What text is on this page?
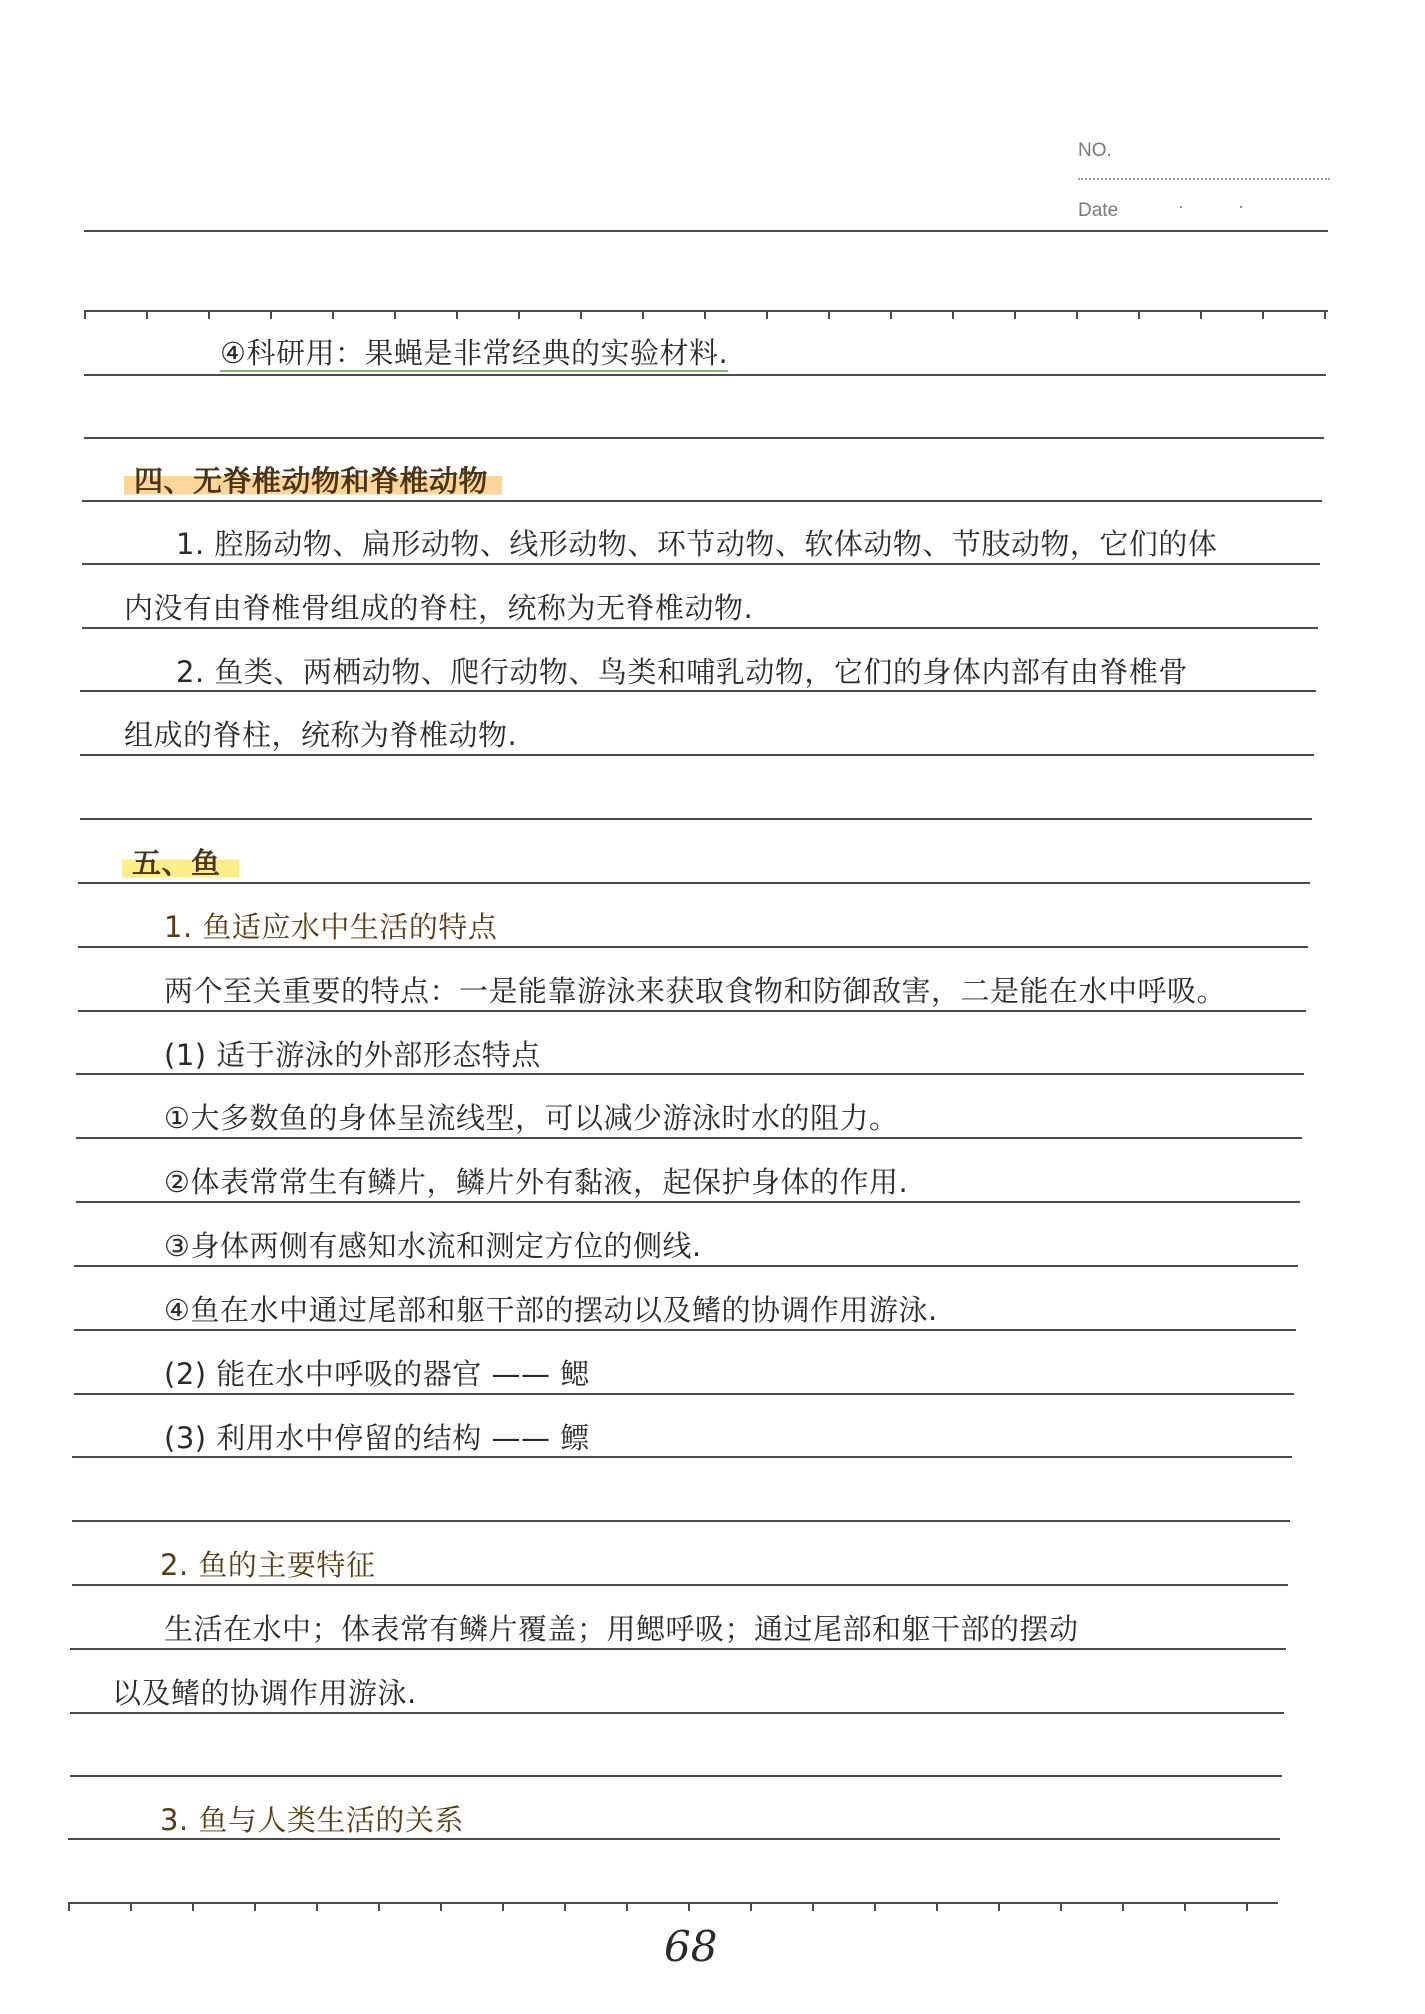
NO.
Date	·	·
④科研用：果蝇是非常经典的实验材料.
四、无脊椎动物和脊椎动物
1. 腔肠动物、扁形动物、线形动物、环节动物、软体动物、节肢动物，它们的体
内没有由脊椎骨组成的脊柱，统称为无脊椎动物.
2. 鱼类、两栖动物、爬行动物、鸟类和哺乳动物，它们的身体内部有由脊椎骨
组成的脊柱，统称为脊椎动物.
五、鱼
1. 鱼适应水中生活的特点
两个至关重要的特点：一是能靠游泳来获取食物和防御敌害，二是能在水中呼吸。
(1) 适于游泳的外部形态特点
①大多数鱼的身体呈流线型，可以减少游泳时水的阻力。
②体表常常生有鳞片，鳞片外有黏液，起保护身体的作用.
③身体两侧有感知水流和测定方位的侧线.
④鱼在水中通过尾部和躯干部的摆动以及鳍的协调作用游泳.
(2) 能在水中呼吸的器官 —— 鳃
(3) 利用水中停留的结构 —— 鳔
2. 鱼的主要特征
生活在水中；体表常有鳞片覆盖；用鳃呼吸；通过尾部和躯干部的摆动
以及鳍的协调作用游泳.
3. 鱼与人类生活的关系
68
